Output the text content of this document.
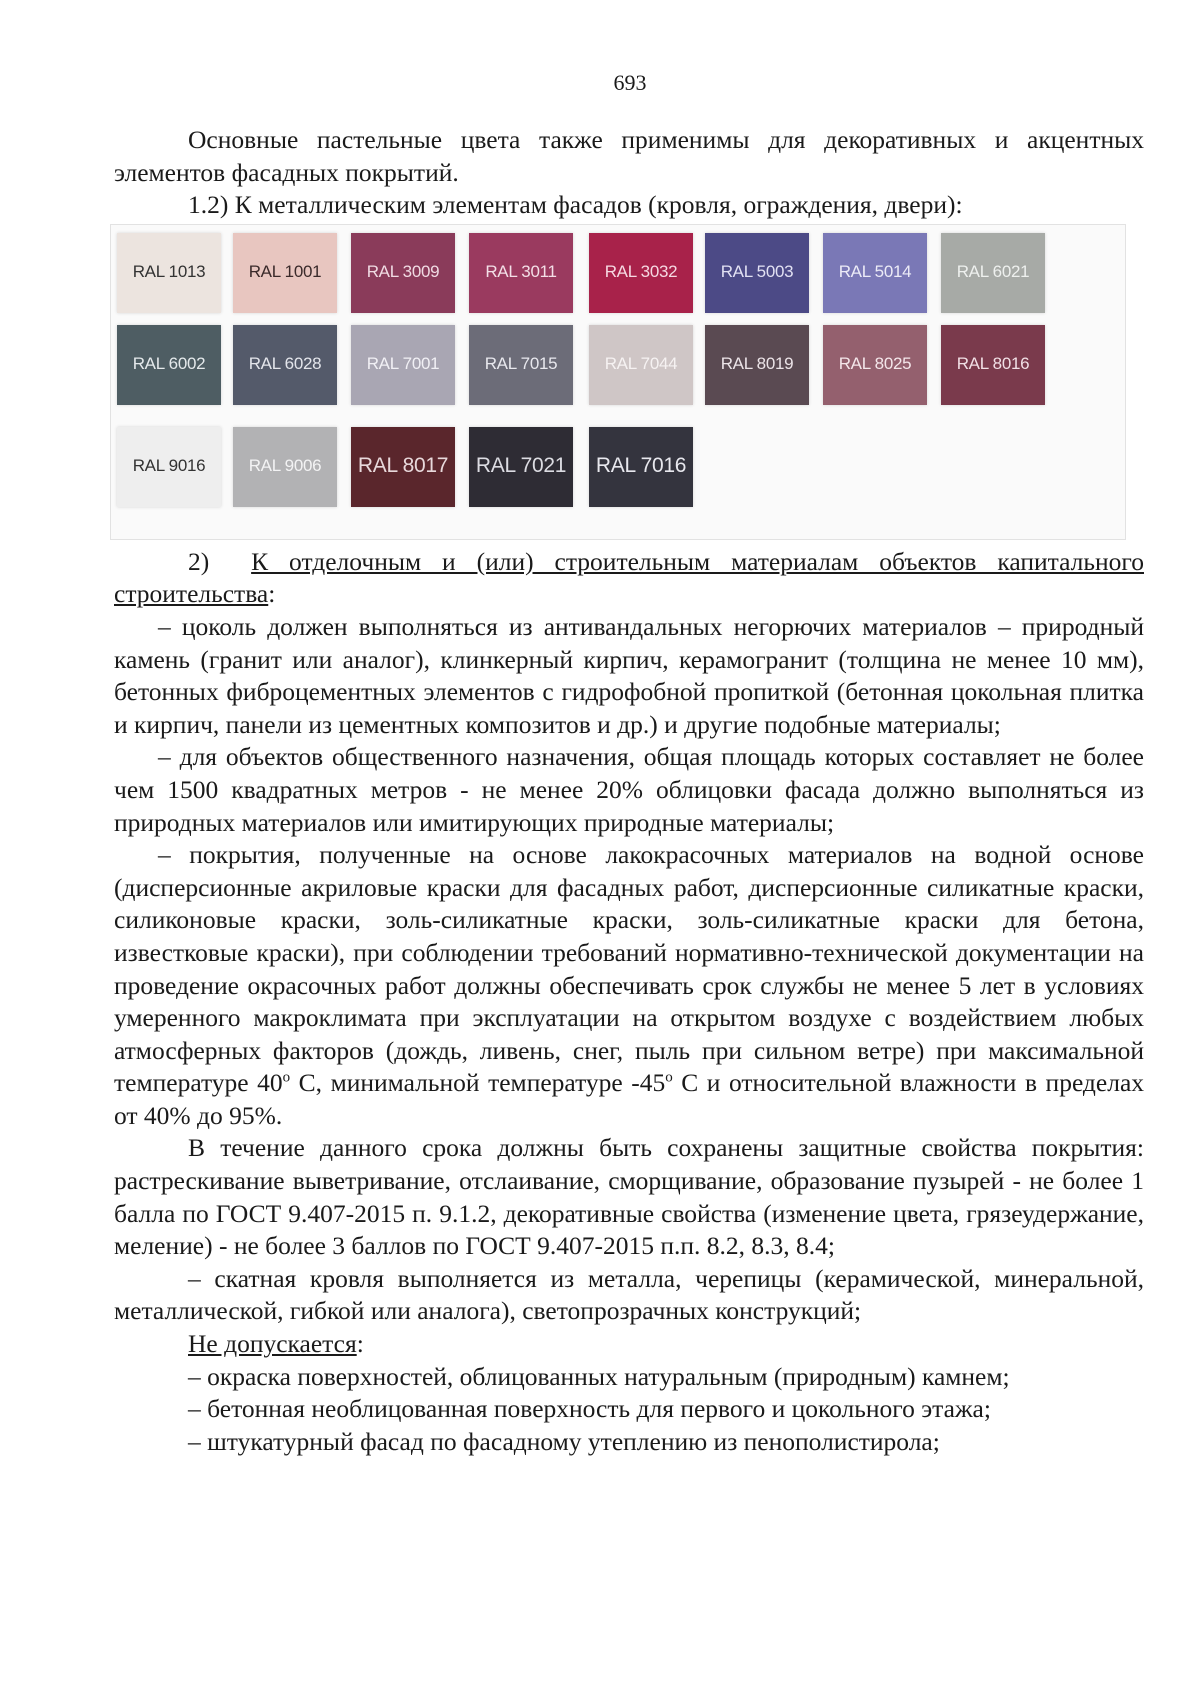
693

Основные пастельные цвета также применимы для декоративных и акцентных элементов фасадных покрытий.

1.2) К металлическим элементам фасадов (кровля, ограждения, двери):

RAL 1013	RAL 1001	RAL 3009	RAL 3011	RAL 3032	RAL 5003	RAL 5014	RAL 6021
RAL 6002	RAL 6028	RAL 7001	RAL 7015	RAL 7044	RAL 8019	RAL 8025	RAL 8016
RAL 9016	RAL 9006	RAL 8017	RAL 7021	RAL 7016

2) К отделочным и (или) строительным материалам объектов капитального строительства:

– цоколь должен выполняться из антивандальных негорючих материалов – природный камень (гранит или аналог), клинкерный кирпич, керамогранит (толщина не менее 10 мм), бетонных фиброцементных элементов с гидрофобной пропиткой (бетонная цокольная плитка и кирпич, панели из цементных композитов и др.) и другие подобные материалы;

– для объектов общественного назначения, общая площадь которых составляет не более чем 1500 квадратных метров - не менее 20% облицовки фасада должно выполняться из природных материалов или имитирующих природные материалы;

– покрытия, полученные на основе лакокрасочных материалов на водной основе (дисперсионные акриловые краски для фасадных работ, дисперсионные силикатные краски, силиконовые краски, золь-силикатные краски, золь-силикатные краски для бетона, известковые краски), при соблюдении требований нормативно-технической документации на проведение окрасочных работ должны обеспечивать срок службы не менее 5 лет в условиях умеренного макроклимата при эксплуатации на открытом воздухе с воздействием любых атмосферных факторов (дождь, ливень, снег, пыль при сильном ветре) при максимальной температуре 40$^o$ С, минимальной температуре -45$^o$ С и относительной влажности в пределах от 40% до 95%.

В течение данного срока должны быть сохранены защитные свойства покрытия: растрескивание выветривание, отслаивание, сморщивание, образование пузырей - не более 1 балла по ГОСТ 9.407-2015 п. 9.1.2, декоративные свойства (изменение цвета, грязеудержание, меление) - не более 3 баллов по ГОСТ 9.407-2015 п.п. 8.2, 8.3, 8.4;

– скатная кровля выполняется из металла, черепицы (керамической, минеральной, металлической, гибкой или аналога), светопрозрачных конструкций;

Не допускается:

– окраска поверхностей, облицованных натуральным (природным) камнем;

– бетонная необлицованная поверхность для первого и цокольного этажа;

– штукатурный фасад по фасадному утеплению из пенополистирола;
